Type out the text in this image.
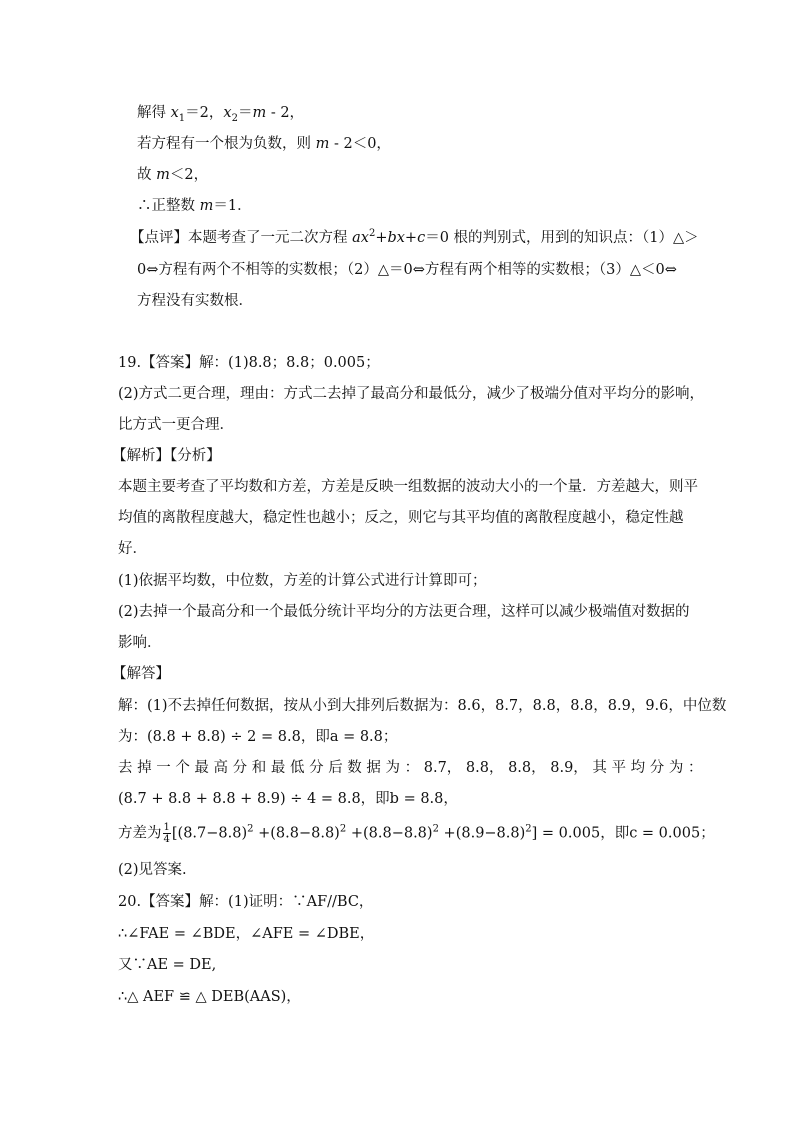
解得 $x_1=2$，$x_2=m - 2$，
若方程有一个根为负数，则 m - 2＜0，
故 m＜2，
∴正整数 m＝1．
【点评】本题考查了一元二次方程 $ax^2+bx+c=0$ 根的判别式，用到的知识点：（1）△＞
0⇔方程有两个不相等的实数根；（2）△＝0⇔方程有两个相等的实数根；（3）△＜0⇔
方程没有实数根．
19.【答案】解：(1)8.8；8.8；0.005；
(2)方式二更合理，理由：方式二去掉了最高分和最低分，减少了极端分值对平均分的影响，
比方式一更合理．
【解析】【分析】
本题主要考查了平均数和方差，方差是反映一组数据的波动大小的一个量．方差越大，则平
均值的离散程度越大，稳定性也越小；反之，则它与其平均值的离散程度越小，稳定性越
好．
(1)依据平均数，中位数，方差的计算公式进行计算即可；
(2)去掉一个最高分和一个最低分统计平均分的方法更合理，这样可以减少极端值对数据的
影响．
【解答】
解：(1)不去掉任何数据，按从小到大排列后数据为：8.6，8.7，8.8，8.8，8.9，9.6，中位数
为：(8.8 + 8.8) ÷ 2 = 8.8，即a = 8.8；
去 掉 一 个 最 高 分 和 最 低 分 后 数 据 为 ： 8.7， 8.8， 8.8， 8.9， 其 平 均 分 为 ：
(8.7 + 8.8 + 8.8 + 8.9) ÷ 4 = 8.8，即b = 8.8，
方差为 $\frac{1}{4} [(8.7-8.8)^2 +(8.8-8.8)^2 +(8.8-8.8)^2 +(8.9-8.8)^2] = 0.005$，即c = 0.005；
(2)见答案.
20.【答案】解：(1)证明：∵AF//BC，
∴∠FAE = ∠BDE，∠AFE = ∠DBE，
又∵AE = DE,
∴△ AEF ≌ △ DEB(AAS)，
